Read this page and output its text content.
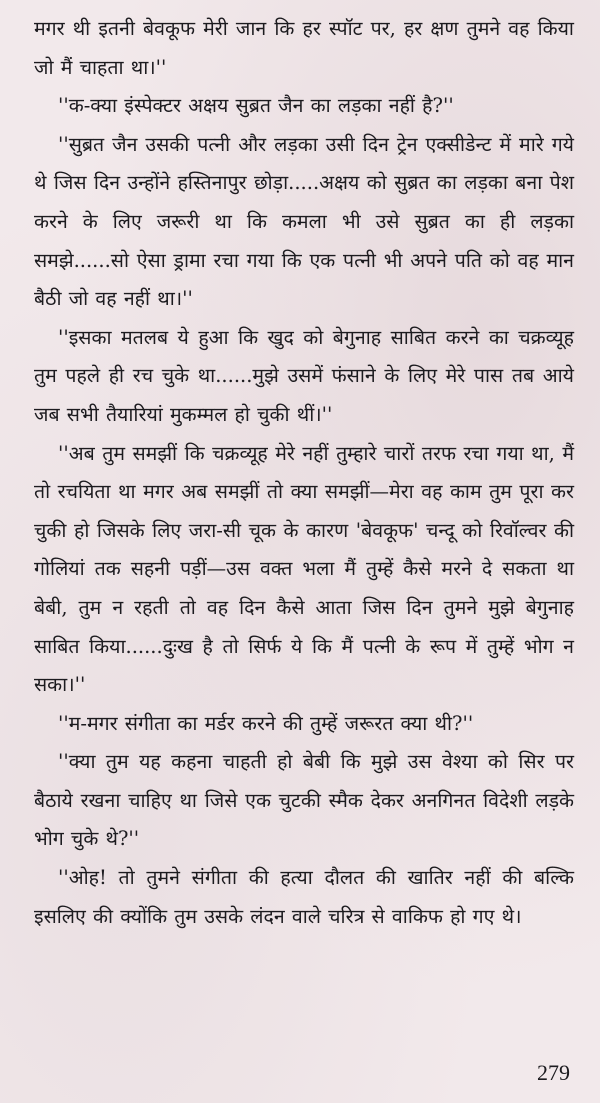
मगर थी इतनी बेवकूफ मेरी जान कि हर स्पॉट पर, हर क्षण तुमने वह किया जो मैं चाहता था।''

''क-क्या इंस्पेक्टर अक्षय सुब्रत जैन का लड़का नहीं है?''

''सुब्रत जैन उसकी पत्नी और लड़का उसी दिन ट्रेन एक्सीडेन्ट में मारे गये थे जिस दिन उन्होंने हस्तिनापुर छोड़ा.....अक्षय को सुब्रत का लड़का बना पेश करने के लिए जरूरी था कि कमला भी उसे सुब्रत का ही लड़का समझे......सो ऐसा ड्रामा रचा गया कि एक पत्नी भी अपने पति को वह मान बैठी जो वह नहीं था।''

''इसका मतलब ये हुआ कि खुद को बेगुनाह साबित करने का चक्रव्यूह तुम पहले ही रच चुके था......मुझे उसमें फंसाने के लिए मेरे पास तब आये जब सभी तैयारियां मुकम्मल हो चुकी थीं।''

''अब तुम समझीं कि चक्रव्यूह मेरे नहीं तुम्हारे चारों तरफ रचा गया था, मैं तो रचयिता था मगर अब समझीं तो क्या समझीं—मेरा वह काम तुम पूरा कर चुकी हो जिसके लिए जरा-सी चूक के कारण 'बेवकूफ' चन्दू को रिवॉल्वर की गोलियां तक सहनी पड़ीं—उस वक्त भला मैं तुम्हें कैसे मरने दे सकता था बेबी, तुम न रहती तो वह दिन कैसे आता जिस दिन तुमने मुझे बेगुनाह साबित किया......दुःख है तो सिर्फ ये कि मैं पत्नी के रूप में तुम्हें भोग न सका।''

''म-मगर संगीता का मर्डर करने की तुम्हें जरूरत क्या थी?''

''क्या तुम यह कहना चाहती हो बेबी कि मुझे उस वेश्या को सिर पर बैठाये रखना चाहिए था जिसे एक चुटकी स्मैक देकर अनगिनत विदेशी लड़के भोग चुके थे?''

''ओह! तो तुमने संगीता की हत्या दौलत की खातिर नहीं की बल्कि इसलिए की क्योंकि तुम उसके लंदन वाले चरित्र से वाकिफ हो गए थे।

279
